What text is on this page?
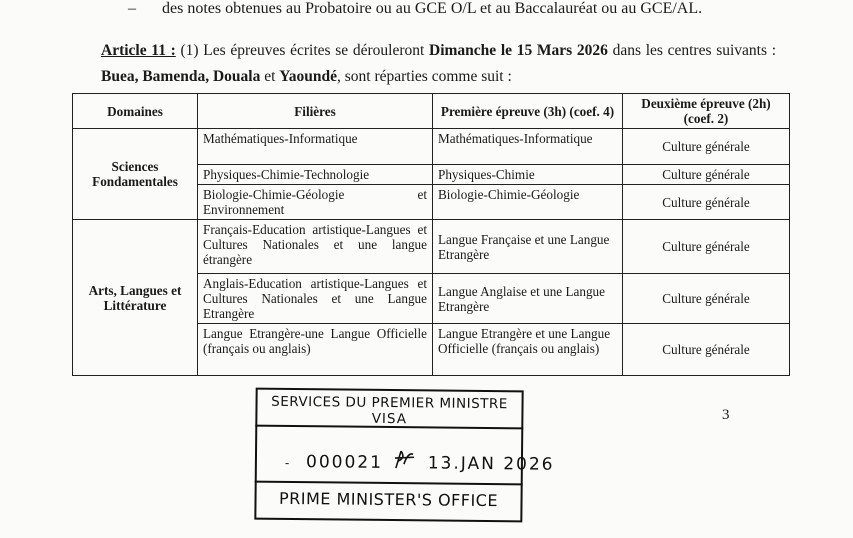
– des notes obtenues au Probatoire ou au GCE O/L et au Baccalauréat ou au GCE/AL.
Article 11 : (1) Les épreuves écrites se dérouleront Dimanche le 15 Mars 2026 dans les centres suivants : Buea, Bamenda, Douala et Yaoundé, sont réparties comme suit :
Domaines	Filières	Première épreuve (3h) (coef. 4)	Deuxième épreuve (2h) (coef. 2)
Sciences Fondamentales	Mathématiques-Informatique	Mathématiques-Informatique	Culture générale
	Physiques-Chimie-Technologie	Physiques-Chimie	Culture générale
	Biologie-Chimie-Géologie et Environnement	Biologie-Chimie-Géologie	Culture générale
Arts, Langues et Littérature	Français-Education artistique-Langues et Cultures Nationales et une langue étrangère	Langue Française et une Langue Etrangère	Culture générale
	Anglais-Education artistique-Langues et Cultures Nationales et une Langue Etrangère	Langue Anglaise et une Langue Etrangère	Culture générale
	Langue Etrangère-une Langue Officielle (français ou anglais)	Langue Etrangère et une Langue Officielle (français ou anglais)	Culture générale
3
SERVICES DU PREMIER MINISTRE
VISA
- 000021	13.JAN 2026
PRIME MINISTER'S OFFICE
